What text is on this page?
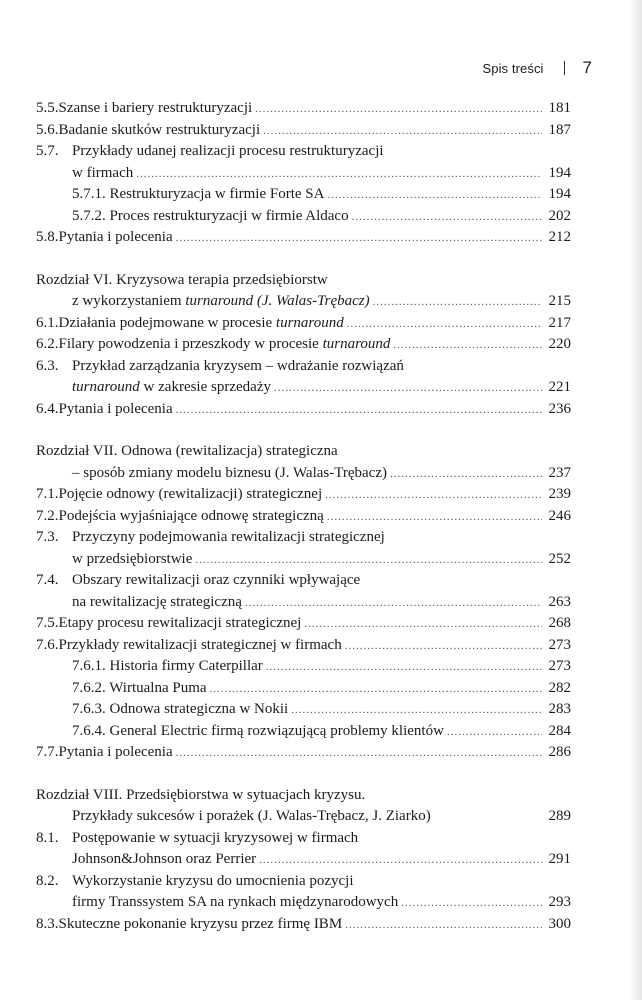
Spis treści 7
5.5. Szanse i bariery restrukturyzacji .....	181
5.6. Badanie skutków restrukturyzacji .....	187
5.7. Przykłady udanej realizacji procesu restrukturyzacji
w firmach .....	194
5.7.1. Restrukturyzacja w firmie Forte SA .....	194
5.7.2. Proces restrukturyzacji w firmie Aldaco .....	202
5.8. Pytania i polecenia .....	212
Rozdział VI. Kryzysowa terapia przedsiębiorstw
z wykorzystaniem turnaround (J. Walas-Trębacz) .....	215
6.1. Działania podejmowane w procesie turnaround .....	217
6.2. Filary powodzenia i przeszkody w procesie turnaround .....	220
6.3. Przykład zarządzania kryzysem – wdrażanie rozwiązań
turnaround w zakresie sprzedaży .....	221
6.4. Pytania i polecenia .....	236
Rozdział VII. Odnowa (rewitalizacja) strategiczna
– sposób zmiany modelu biznesu (J. Walas-Trębacz) .....	237
7.1. Pojęcie odnowy (rewitalizacji) strategicznej .....	239
7.2. Podejścia wyjaśniające odnowę strategiczną .....	246
7.3. Przyczyny podejmowania rewitalizacji strategicznej
w przedsiębiorstwie .....	252
7.4. Obszary rewitalizacji oraz czynniki wpływające
na rewitalizację strategiczną .....	263
7.5. Etapy procesu rewitalizacji strategicznej .....	268
7.6. Przykłady rewitalizacji strategicznej w firmach .....	273
7.6.1. Historia firmy Caterpillar .....	273
7.6.2. Wirtualna Puma .....	282
7.6.3. Odnowa strategiczna w Nokii .....	283
7.6.4. General Electric firmą rozwiązującą problemy klientów .....	284
7.7. Pytania i polecenia .....	286
Rozdział VIII. Przedsiębiorstwa w sytuacjach kryzysu.
Przykłady sukcesów i porażek (J. Walas-Trębacz, J. Ziarko)	289
8.1. Postępowanie w sytuacji kryzysowej w firmach
Johnson&Johnson oraz Perrier .....	291
8.2. Wykorzystanie kryzysu do umocnienia pozycji
firmy Transsystem SA na rynkach międzynarodowych .....	293
8.3. Skuteczne pokonanie kryzysu przez firmę IBM .....	300
